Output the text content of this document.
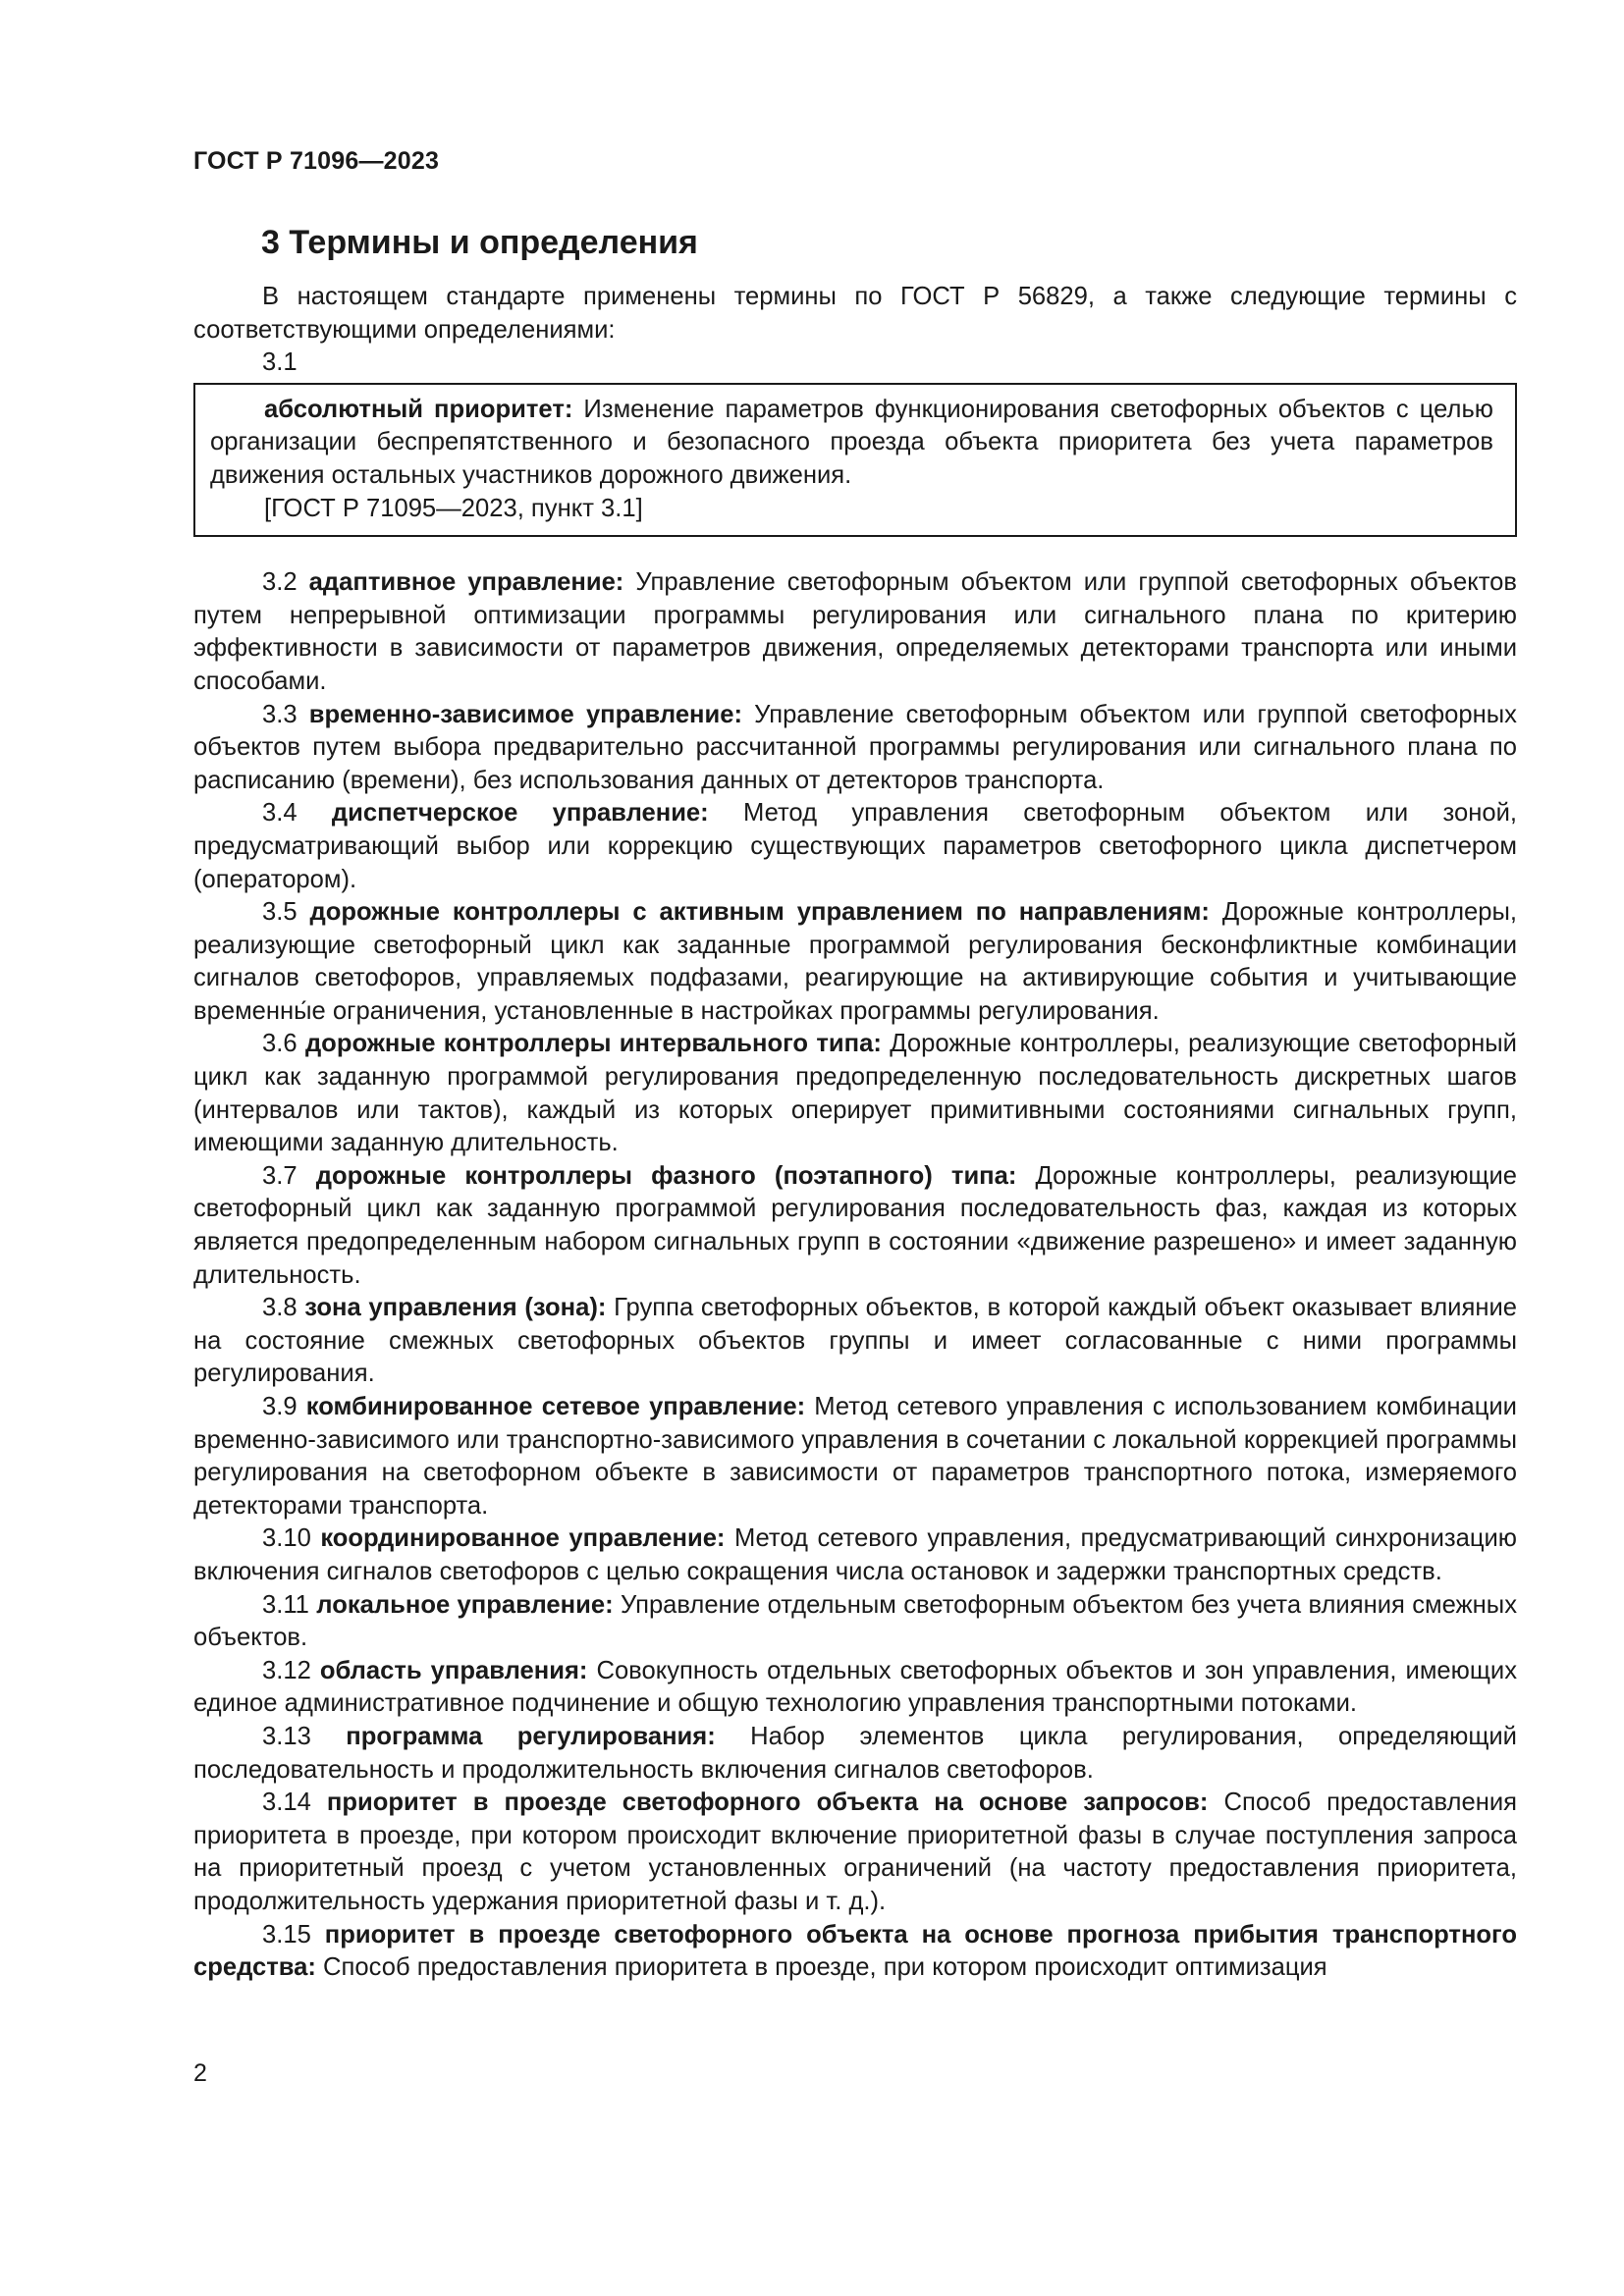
ГОСТ Р 71096—2023
3 Термины и определения

В настоящем стандарте применены термины по ГОСТ Р 56829, а также следующие термины с соответствующими определениями:

3.1

абсолютный приоритет: Изменение параметров функционирования светофорных объектов с целью организации беспрепятственного и безопасного проезда объекта приоритета без учета параметров движения остальных участников дорожного движения.

[ГОСТ Р 71095—2023, пункт 3.1]

3.2 адаптивное управление: Управление светофорным объектом или группой светофорных объектов путем непрерывной оптимизации программы регулирования или сигнального плана по критерию эффективности в зависимости от параметров движения, определяемых детекторами транспорта или иными способами.

3.3 временно-зависимое управление: Управление светофорным объектом или группой светофорных объектов путем выбора предварительно рассчитанной программы регулирования или сигнального плана по расписанию (времени), без использования данных от детекторов транспорта.

3.4 диспетчерское управление: Метод управления светофорным объектом или зоной, предусматривающий выбор или коррекцию существующих параметров светофорного цикла диспетчером (оператором).

3.5 дорожные контроллеры с активным управлением по направлениям: Дорожные контроллеры, реализующие светофорный цикл как заданные программой регулирования бесконфликтные комбинации сигналов светофоров, управляемых подфазами, реагирующие на активирующие события и учитывающие временны́е ограничения, установленные в настройках программы регулирования.

3.6 дорожные контроллеры интервального типа: Дорожные контроллеры, реализующие светофорный цикл как заданную программой регулирования предопределенную последовательность дискретных шагов (интервалов или тактов), каждый из которых оперирует примитивными состояниями сигнальных групп, имеющими заданную длительность.

3.7 дорожные контроллеры фазного (поэтапного) типа: Дорожные контроллеры, реализующие светофорный цикл как заданную программой регулирования последовательность фаз, каждая из которых является предопределенным набором сигнальных групп в состоянии «движение разрешено» и имеет заданную длительность.

3.8 зона управления (зона): Группа светофорных объектов, в которой каждый объект оказывает влияние на состояние смежных светофорных объектов группы и имеет согласованные с ними программы регулирования.

3.9 комбинированное сетевое управление: Метод сетевого управления с использованием комбинации временно-зависимого или транспортно-зависимого управления в сочетании с локальной коррекцией программы регулирования на светофорном объекте в зависимости от параметров транспортного потока, измеряемого детекторами транспорта.

3.10 координированное управление: Метод сетевого управления, предусматривающий синхронизацию включения сигналов светофоров с целью сокращения числа остановок и задержки транспортных средств.

3.11 локальное управление: Управление отдельным светофорным объектом без учета влияния смежных объектов.

3.12 область управления: Совокупность отдельных светофорных объектов и зон управления, имеющих единое административное подчинение и общую технологию управления транспортными потоками.

3.13 программа регулирования: Набор элементов цикла регулирования, определяющий последовательность и продолжительность включения сигналов светофоров.

3.14 приоритет в проезде светофорного объекта на основе запросов: Способ предоставления приоритета в проезде, при котором происходит включение приоритетной фазы в случае поступления запроса на приоритетный проезд с учетом установленных ограничений (на частоту предоставления приоритета, продолжительность удержания приоритетной фазы и т. д.).

3.15 приоритет в проезде светофорного объекта на основе прогноза прибытия транспортного средства: Способ предоставления приоритета в проезде, при котором происходит оптимизация

2
